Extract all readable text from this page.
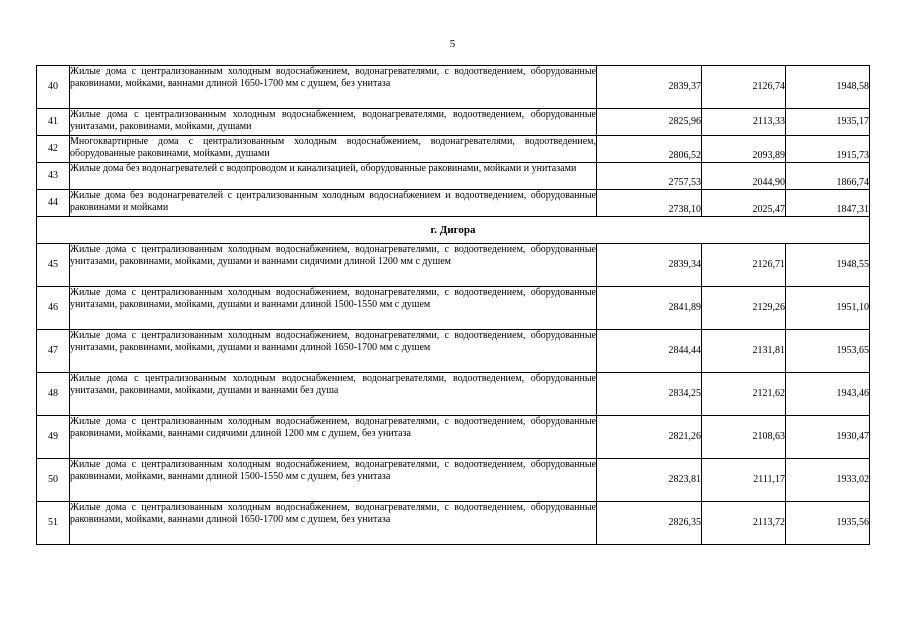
5
40	Жилые дома с централизованным холодным водоснабжением, водонагревателями, с водоотведением, оборудованные раковинами, мойками, ваннами длиной 1650-1700 мм с душем, без унитаза	2839,37	2126,74	1948,58
41	Жилые дома с централизованным холодным водоснабжением, водонагревателями, водоотведением, оборудованные унитазами, раковинами, мойками, душами	2825,96	2113,33	1935,17
42	Многоквартирные дома с централизованным холодным водоснабжением, водонагревателями, водоотведением, оборудованные раковинами, мойками, душами	2806,52	2093,89	1915,73
43	Жилые дома без водонагревателей с водопроводом и канализацией, оборудованные раковинами, мойками и унитазами	2757,53	2044,90	1866,74
44	Жилые дома без водонагревателей с централизованным холодным водоснабжением и водоотведением, оборудованные раковинами и мойками	2738,10	2025,47	1847,31
г. Дигора				
45	Жилые дома с централизованным холодным водоснабжением, водонагревателями, с водоотведением, оборудованные унитазами, раковинами, мойками, душами и ваннами сидячими длиной 1200 мм с душем	2839,34	2126,71	1948,55
46	Жилые дома с централизованным холодным водоснабжением, водонагревателями, с водоотведением, оборудованные унитазами, раковинами, мойками, душами и ваннами длиной 1500-1550 мм с душем	2841,89	2129,26	1951,10
47	Жилые дома с централизованным холодным водоснабжением, водонагревателями, с водоотведением, оборудованные унитазами, раковинами, мойками, душами и ваннами длиной 1650-1700 мм с душем	2844,44	2131,81	1953,65
48	Жилые дома с централизованным холодным водоснабжением, водонагревателями, водоотведением, оборудованные унитазами, раковинами, мойками, душами и ваннами без душа	2834,25	2121,62	1943,46
49	Жилые дома с централизованным холодным водоснабжением, водонагревателями, с водоотведением, оборудованные раковинами, мойками, ваннами сидячими длиной 1200 мм с душем, без унитаза	2821,26	2108,63	1930,47
50	Жилые дома с централизованным холодным водоснабжением, водонагревателями, с водоотведением, оборудованные раковинами, мойками, ваннами длиной 1500-1550 мм с душем, без унитаза	2823,81	2111,17	1933,02
51	Жилые дома с централизованным холодным водоснабжением, водонагревателями, с водоотведением, оборудованные раковинами, мойками, ваннами длиной 1650-1700 мм с душем, без унитаза	2826,35	2113,72	1935,56
